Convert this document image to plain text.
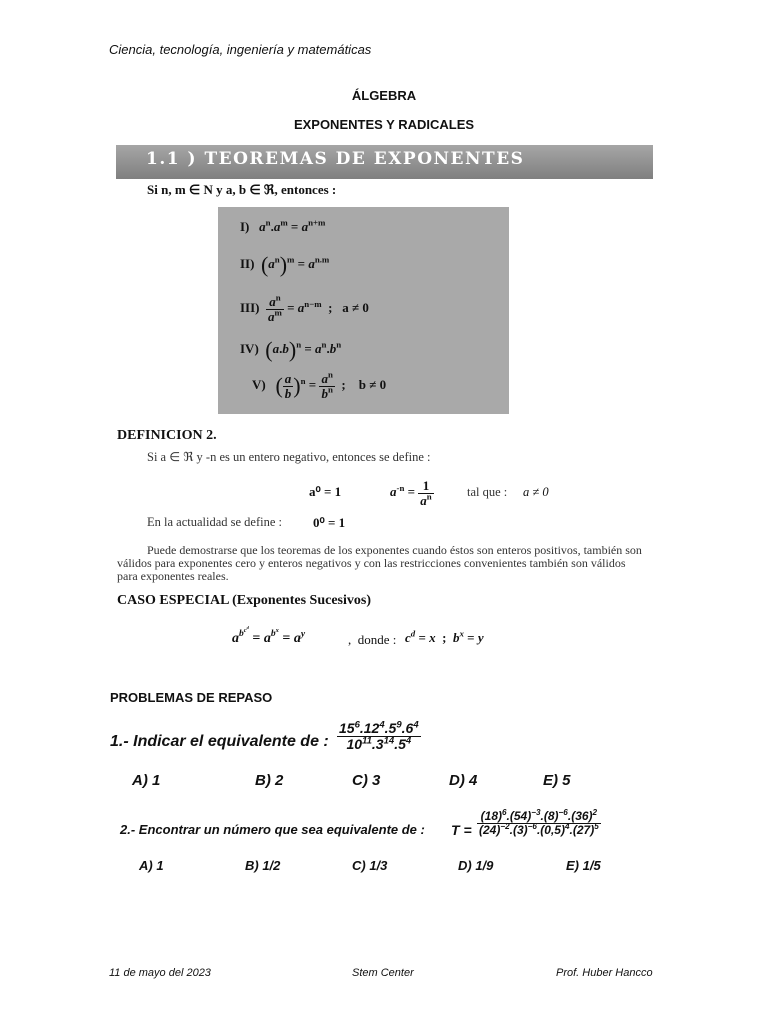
Ciencia, tecnología, ingeniería y matemáticas
ÁLGEBRA
EXPONENTES Y RADICALES
1.1 ) TEOREMAS DE EXPONENTES
Si n, m ∈ N y a, b ∈ ℜ, entonces :
I) $a^n.a^m = a^{n+m}$
II) $(a^n)^m = a^{n.m}$
$III) \frac{a^n}{a^m} = a^{n-m}$  ;   a ≠ 0
IV) $(a.b)^n = a^n.b^n$
V) ( $\frac{a}{b} )^n = \frac{a^n}{b^n}$ ;    b ≠ 0
DEFINICION 2.
Si a ∈ ℜ y -n es un entero negativo, entonces se define :
a⁰ = 1	$a^{-n} = \frac{1}{a^n}$	tal que : a ≠ 0
En la actualidad se define : 0⁰ = 1
Puede demostrarse que los teoremas de los exponentes cuando éstos son enteros positivos, también son válidos para exponentes cero y enteros negativos y con las restricciones convenientes también son válidos para exponentes reales.
CASO ESPECIAL (Exponentes Sucesivos)
$a^{b^{c^d}} = a^{b^x} = a^y$	,  donde : $c^d = x$ ; $b^x = y$
PROBLEMAS DE REPASO
1.- Indicar el equivalente de : $\frac{15^6.12^4.5^9.6^4}{10^{11}.3^{14}.5^4}$
A) 1	B) 2	C) 3	D) 4	E) 5
2.- Encontrar un número que sea equivalente de : $T = \frac{(18)^6.(54)^{-3}.(8)^{-6}.(36)^2}{(24)^{-2}.(3)^{-6}.(0,5)^4.(27)^5}$
A) 1	B) 1/2	C) 1/3	D) 1/9	E) 1/5
11 de mayo del 2023	Stem Center	Prof. Huber Hancco
